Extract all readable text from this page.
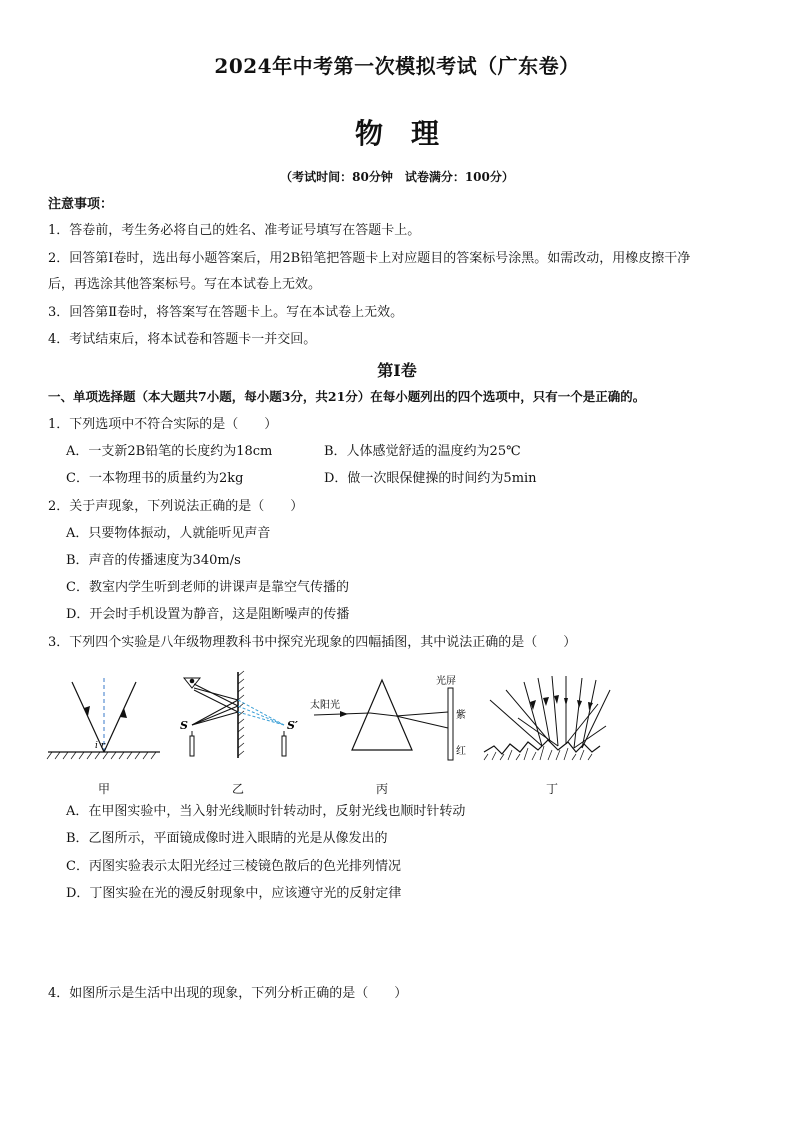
2024年中考第一次模拟考试（广东卷）
物理
（考试时间：80分钟　试卷满分：100分）
注意事项：
1．答卷前，考生务必将自己的姓名、准考证号填写在答题卡上。
2．回答第Ⅰ卷时，选出每小题答案后，用2B铅笔把答题卡上对应题目的答案标号涂黑。如需改动，用橡皮擦干净
后，再选涂其他答案标号。写在本试卷上无效。
3．回答第Ⅱ卷时，将答案写在答题卡上。写在本试卷上无效。
4．考试结束后，将本试卷和答题卡一并交回。
第Ⅰ卷
一、单项选择题（本大题共7小题，每小题3分，共21分）在每小题列出的四个选项中，只有一个是正确的。
1．下列选项中不符合实际的是（　　）
A．一支新2B铅笔的长度约为18cm	B．人体感觉舒适的温度约为25℃
C．一本物理书的质量约为2kg	D．做一次眼保健操的时间约为5min
2．关于声现象，下列说法正确的是（　　）
A．只要物体振动，人就能听见声音
B．声音的传播速度为340m/s
C．教室内学生听到老师的讲课声是靠空气传播的
D．开会时手机设置为静音，这是阻断噪声的传播
3．下列四个实验是八年级物理教科书中探究光现象的四幅插图，其中说法正确的是（　　）
i r
S	S′
太阳光
光屏
紫
红
甲	乙	丙	丁
A．在甲图实验中，当入射光线顺时针转动时，反射光线也顺时针转动
B．乙图所示，平面镜成像时进入眼睛的光是从像发出的
C．丙图实验表示太阳光经过三棱镜色散后的色光排列情况
D．丁图实验在光的漫反射现象中，应该遵守光的反射定律
4．如图所示是生活中出现的现象，下列分析正确的是（　　）
